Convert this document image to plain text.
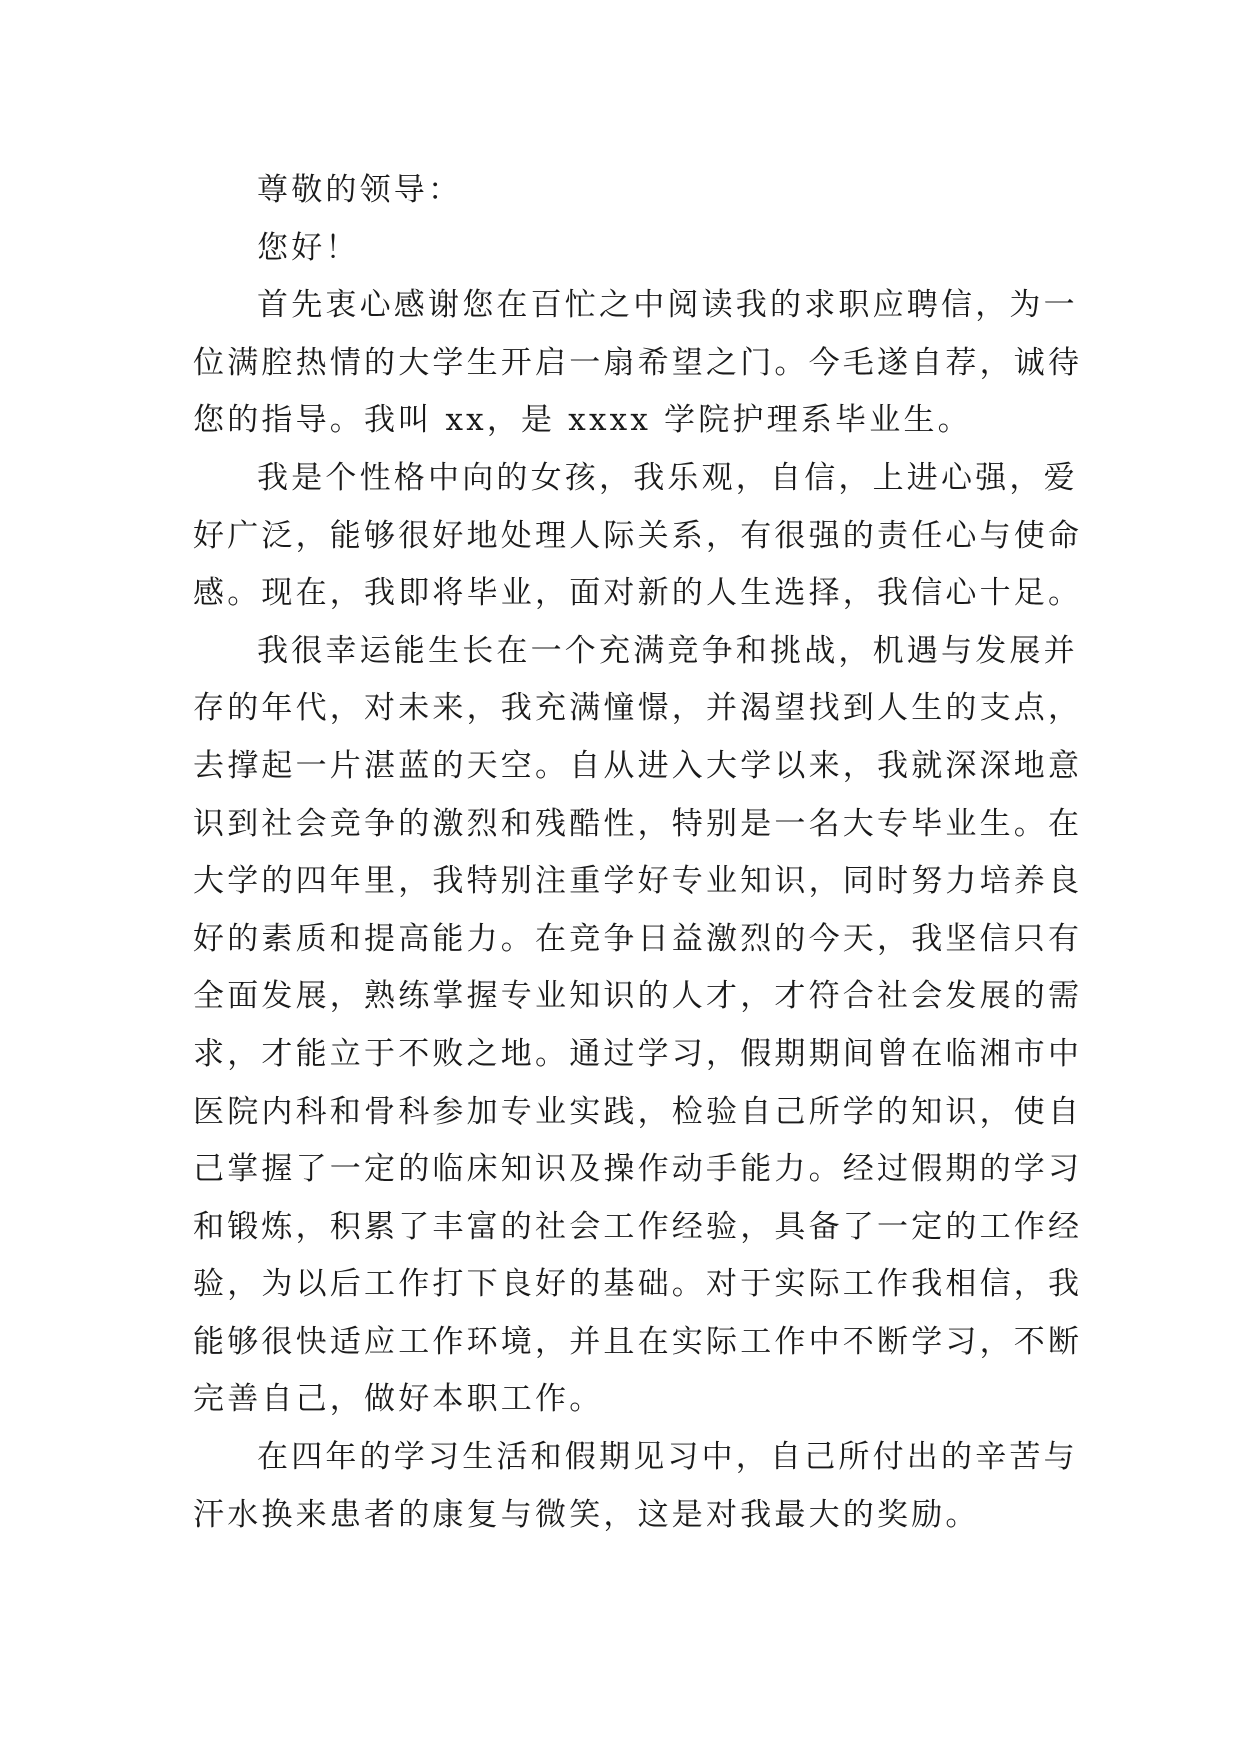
尊敬的领导：
您好！
首先衷心感谢您在百忙之中阅读我的求职应聘信，为一
位满腔热情的大学生开启一扇希望之门。今毛遂自荐，诚待
您的指导。我叫 xx，是 xxxx 学院护理系毕业生。
我是个性格中向的女孩，我乐观，自信，上进心强，爱
好广泛，能够很好地处理人际关系，有很强的责任心与使命
感。现在，我即将毕业，面对新的人生选择，我信心十足。
我很幸运能生长在一个充满竞争和挑战，机遇与发展并
存的年代，对未来，我充满憧憬，并渴望找到人生的支点，
去撑起一片湛蓝的天空。自从进入大学以来，我就深深地意
识到社会竞争的激烈和残酷性，特别是一名大专毕业生。在
大学的四年里，我特别注重学好专业知识，同时努力培养良
好的素质和提高能力。在竞争日益激烈的今天，我坚信只有
全面发展，熟练掌握专业知识的人才，才符合社会发展的需
求，才能立于不败之地。通过学习，假期期间曾在临湘市中
医院内科和骨科参加专业实践，检验自己所学的知识，使自
己掌握了一定的临床知识及操作动手能力。经过假期的学习
和锻炼，积累了丰富的社会工作经验，具备了一定的工作经
验，为以后工作打下良好的基础。对于实际工作我相信，我
能够很快适应工作环境，并且在实际工作中不断学习，不断
完善自己，做好本职工作。
在四年的学习生活和假期见习中，自己所付出的辛苦与
汗水换来患者的康复与微笑，这是对我最大的奖励。
